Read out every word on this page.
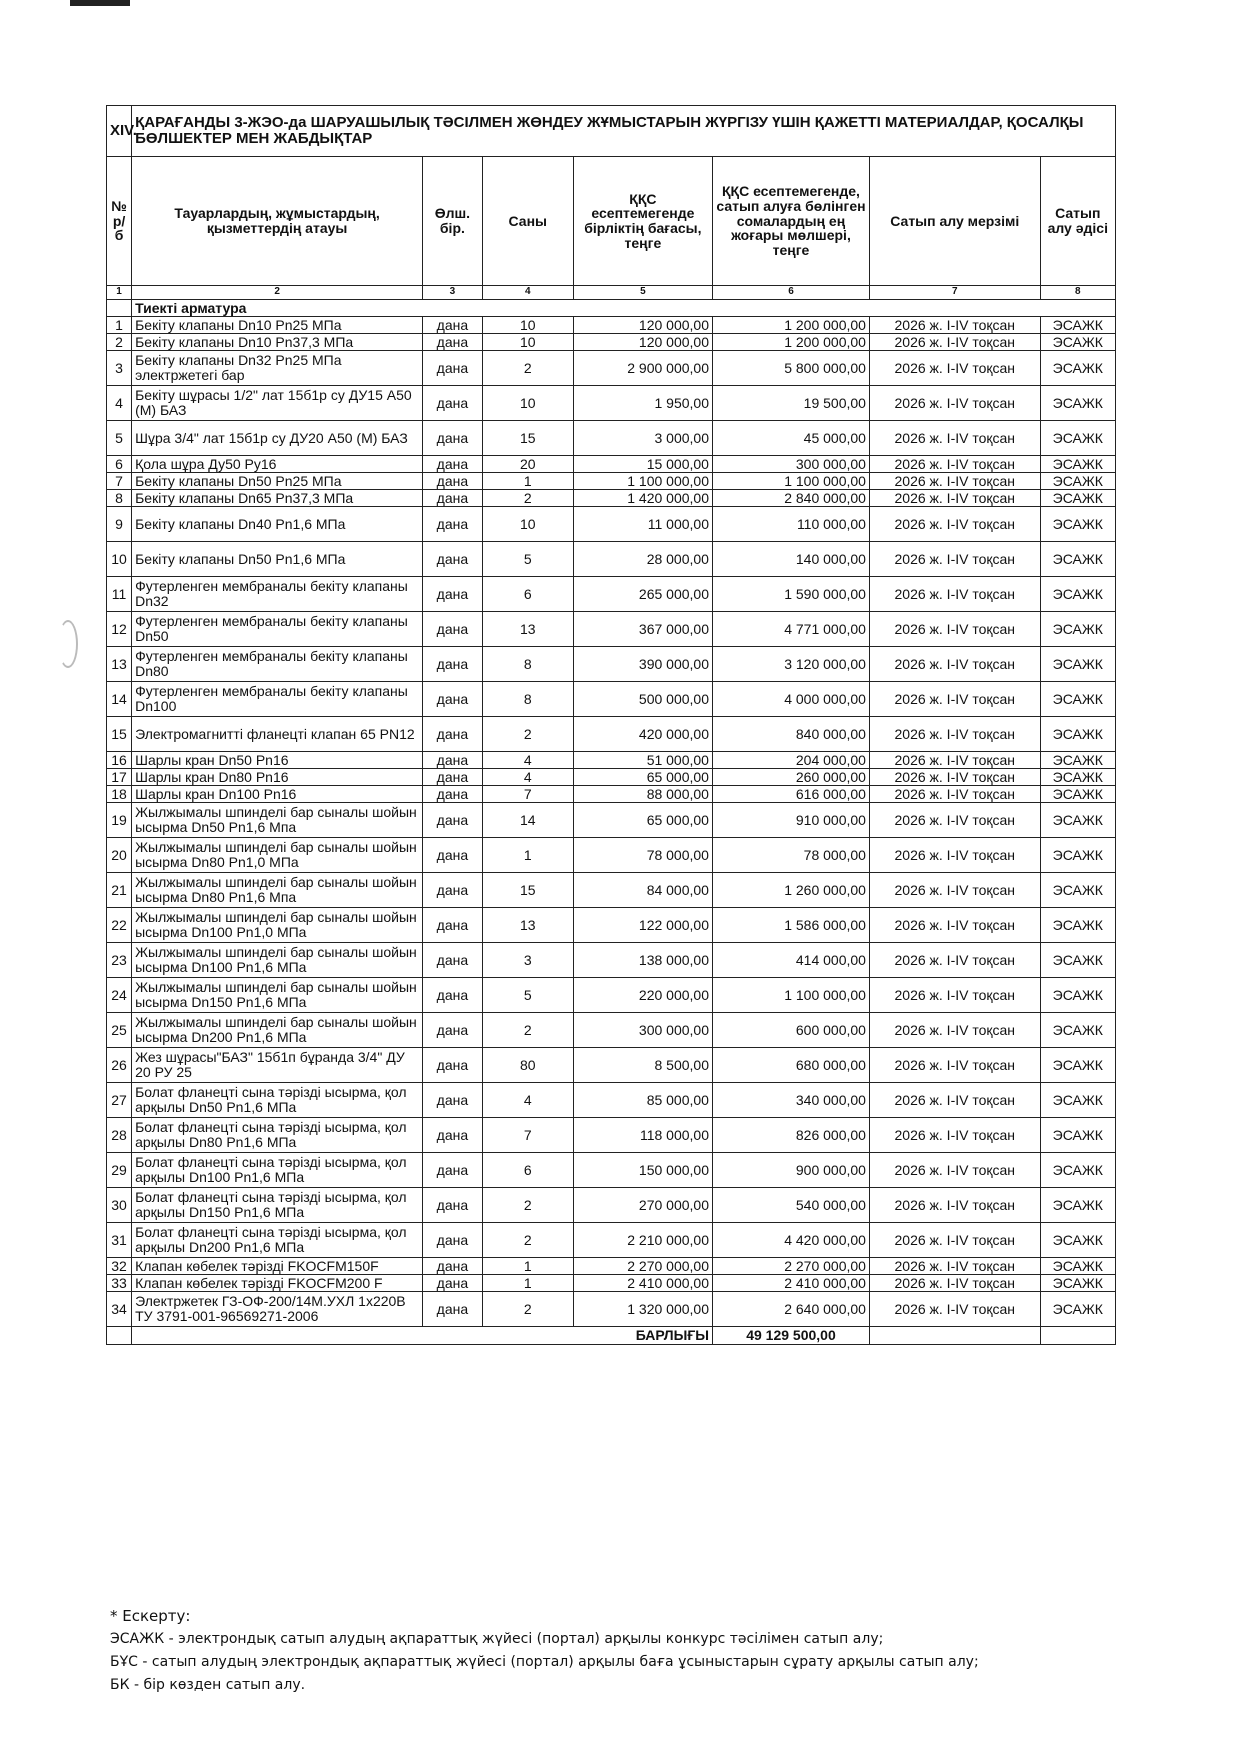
XIV.	ҚАРАҒАНДЫ 3-ЖЭО-да ШАРУАШЫЛЫҚ ТӘСІЛМЕН ЖӨНДЕУ ЖҰМЫСТАРЫН ЖҮРГІЗУ ҮШІН ҚАЖЕТТІ МАТЕРИАЛДАР, ҚОСАЛҚЫ БӨЛШЕКТЕР МЕН ЖАБДЫҚТАР						
№ р/б	Тауарлардың, жұмыстардың, қызметтердің атауы	Өлш. бір.	Саны	ҚҚС есептемегенде бірліктің бағасы, теңге	ҚҚС есептемегенде, сатып алуға бөлінген сомалардың ең жоғары мөлшері, теңге	Сатып алу мерзімі	Сатып алу әдісі
1	2	3	4	5	6	7	8
	Тиекті арматура						
1	Бекіту клапаны Dn10 Pn25 МПа	дана	10	120 000,00	1 200 000,00	2026 ж. I-IV тоқсан	ЭСАЖК
2	Бекіту клапаны Dn10 Pn37,3 МПа	дана	10	120 000,00	1 200 000,00	2026 ж. I-IV тоқсан	ЭСАЖК
3	Бекіту клапаны Dn32 Pn25 МПа электржетегі бар	дана	2	2 900 000,00	5 800 000,00	2026 ж. I-IV тоқсан	ЭСАЖК
4	Бекіту шұрасы 1/2" лат 15б1р су ДУ15 А50 (М) БАЗ	дана	10	1 950,00	19 500,00	2026 ж. I-IV тоқсан	ЭСАЖК
5	Шұра 3/4" лат 15б1р су ДУ20 А50 (М) БАЗ	дана	15	3 000,00	45 000,00	2026 ж. I-IV тоқсан	ЭСАЖК
6	Қола шұра Ду50 Ру16	дана	20	15 000,00	300 000,00	2026 ж. I-IV тоқсан	ЭСАЖК
7	Бекіту клапаны Dn50 Pn25 МПа	дана	1	1 100 000,00	1 100 000,00	2026 ж. I-IV тоқсан	ЭСАЖК
8	Бекіту клапаны Dn65 Pn37,3 МПа	дана	2	1 420 000,00	2 840 000,00	2026 ж. I-IV тоқсан	ЭСАЖК
9	Бекіту клапаны Dn40 Pn1,6 МПа	дана	10	11 000,00	110 000,00	2026 ж. I-IV тоқсан	ЭСАЖК
10	Бекіту клапаны Dn50 Pn1,6 МПа	дана	5	28 000,00	140 000,00	2026 ж. I-IV тоқсан	ЭСАЖК
11	Футерленген мембраналы бекіту клапаны Dn32	дана	6	265 000,00	1 590 000,00	2026 ж. I-IV тоқсан	ЭСАЖК
12	Футерленген мембраналы бекіту клапаны Dn50	дана	13	367 000,00	4 771 000,00	2026 ж. I-IV тоқсан	ЭСАЖК
13	Футерленген мембраналы бекіту клапаны Dn80	дана	8	390 000,00	3 120 000,00	2026 ж. I-IV тоқсан	ЭСАЖК
14	Футерленген мембраналы бекіту клапаны Dn100	дана	8	500 000,00	4 000 000,00	2026 ж. I-IV тоқсан	ЭСАЖК
15	Электромагнитті фланецті клапан 65 PN12	дана	2	420 000,00	840 000,00	2026 ж. I-IV тоқсан	ЭСАЖК
16	Шарлы кран Dn50 Pn16	дана	4	51 000,00	204 000,00	2026 ж. I-IV тоқсан	ЭСАЖК
17	Шарлы кран Dn80 Pn16	дана	4	65 000,00	260 000,00	2026 ж. I-IV тоқсан	ЭСАЖК
18	Шарлы кран Dn100 Pn16	дана	7	88 000,00	616 000,00	2026 ж. I-IV тоқсан	ЭСАЖК
19	Жылжымалы шпинделі бар сыналы шойын ысырма Dn50 Pn1,6 Мпа	дана	14	65 000,00	910 000,00	2026 ж. I-IV тоқсан	ЭСАЖК
20	Жылжымалы шпинделі бар сыналы шойын ысырма Dn80 Pn1,0 МПа	дана	1	78 000,00	78 000,00	2026 ж. I-IV тоқсан	ЭСАЖК
21	Жылжымалы шпинделі бар сыналы шойын ысырма Dn80 Pn1,6 Мпа	дана	15	84 000,00	1 260 000,00	2026 ж. I-IV тоқсан	ЭСАЖК
22	Жылжымалы шпинделі бар сыналы шойын ысырма Dn100 Pn1,0 МПа	дана	13	122 000,00	1 586 000,00	2026 ж. I-IV тоқсан	ЭСАЖК
23	Жылжымалы шпинделі бар сыналы шойын ысырма Dn100 Pn1,6 МПа	дана	3	138 000,00	414 000,00	2026 ж. I-IV тоқсан	ЭСАЖК
24	Жылжымалы шпинделі бар сыналы шойын ысырма Dn150 Pn1,6 МПа	дана	5	220 000,00	1 100 000,00	2026 ж. I-IV тоқсан	ЭСАЖК
25	Жылжымалы шпинделі бар сыналы шойын ысырма Dn200 Pn1,6 МПа	дана	2	300 000,00	600 000,00	2026 ж. I-IV тоқсан	ЭСАЖК
26	Жез шұрасы"БАЗ" 15б1п бұранда 3/4" ДУ 20 РУ 25	дана	80	8 500,00	680 000,00	2026 ж. I-IV тоқсан	ЭСАЖК
27	Болат фланецті сына тәрізді ысырма, қол арқылы Dn50 Pn1,6 МПа	дана	4	85 000,00	340 000,00	2026 ж. I-IV тоқсан	ЭСАЖК
28	Болат фланецті сына тәрізді ысырма, қол арқылы Dn80 Pn1,6 МПа	дана	7	118 000,00	826 000,00	2026 ж. I-IV тоқсан	ЭСАЖК
29	Болат фланецті сына тәрізді ысырма, қол арқылы Dn100 Pn1,6 МПа	дана	6	150 000,00	900 000,00	2026 ж. I-IV тоқсан	ЭСАЖК
30	Болат фланецті сына тәрізді ысырма, қол арқылы Dn150 Pn1,6 МПа	дана	2	270 000,00	540 000,00	2026 ж. I-IV тоқсан	ЭСАЖК
31	Болат фланецті сына тәрізді ысырма, қол арқылы Dn200 Pn1,6 МПа	дана	2	2 210 000,00	4 420 000,00	2026 ж. I-IV тоқсан	ЭСАЖК
32	Клапан көбелек тәрізді FKOCFM150F	дана	1	2 270 000,00	2 270 000,00	2026 ж. I-IV тоқсан	ЭСАЖК
33	Клапан көбелек тәрізді FKOCFM200 F	дана	1	2 410 000,00	2 410 000,00	2026 ж. I-IV тоқсан	ЭСАЖК
34	Электржетек ГЗ-ОФ-200/14М.УХЛ 1х220В ТУ 3791-001-96569271-2006	дана	2	1 320 000,00	2 640 000,00	2026 ж. I-IV тоқсан	ЭСАЖК
	БАРЛЫҒЫ				49 129 500,00		
* Ескерту:
ЭСАЖК - электрондық сатып алудың ақпараттық жүйесі (портал) арқылы конкурс тәсілімен сатып алу;
БҰС - сатып алудың электрондық ақпараттық жүйесі (портал) арқылы баға ұсыныстарын сұрату арқылы сатып алу;
БК - бір көзден сатып алу.
